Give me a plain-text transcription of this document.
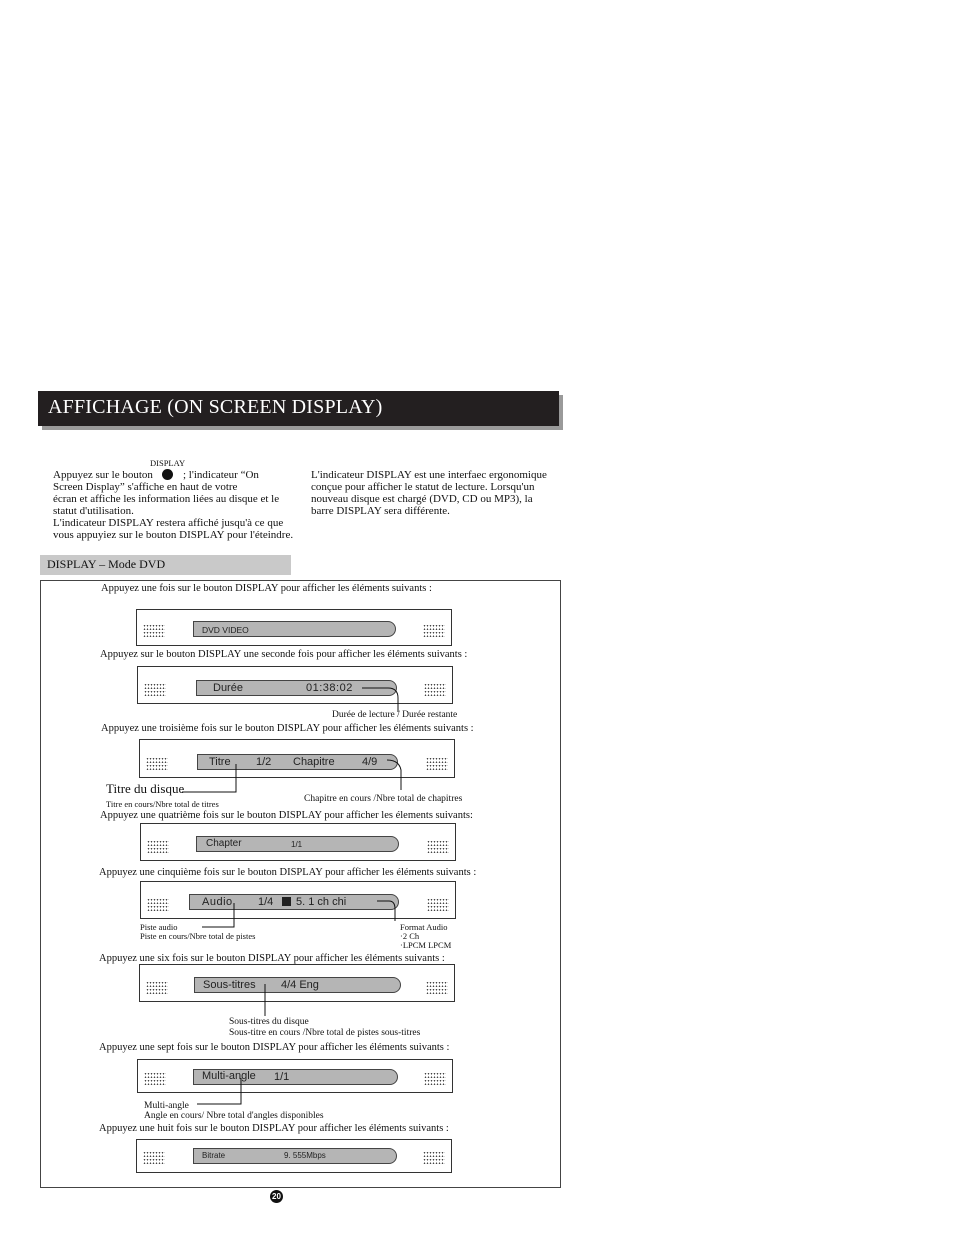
AFFICHAGE (ON SCREEN DISPLAY)
DISPLAY
Appuyez sur le bouton	; l'indicateur “On
Screen Display” s'affiche en haut de votre
écran et affiche les information liées au disque et le
statut d'utilisation.
L'indicateur DISPLAY restera affiché jusqu'à ce que
vous appuyiez sur le bouton DISPLAY pour l'éteindre.
L'indicateur DISPLAY est une interfaec ergonomique
conçue pour afficher le statut de lecture. Lorsqu'un
nouveau disque est chargé (DVD, CD ou MP3), la
barre DISPLAY sera différente.
DISPLAY – Mode DVD
Appuyez une fois sur le bouton DISPLAY pour afficher les éléments suivants :
DVD VIDEO
Appuyez sur le bouton DISPLAY une seconde fois pour afficher les éléments suivants :
Durée	01:38:02
Durée de lecture / Durée restante
Appuyez une troisième fois sur le bouton DISPLAY pour afficher les éléments suivants :
Titre 1/2 Chapitre 4/9
Titre du disque
Titre en cours/Nbre total de titres	Chapitre en cours /Nbre total de chapitres
Appuyez une quatrième fois sur le bouton DISPLAY pour afficher les élements suivants:
Chapter	1/1
Appuyez une cinquième fois sur le bouton DISPLAY pour afficher les éléments suivants :
Audio 1/4 5. 1 ch chi
Piste audio
Piste en cours/Nbre total de pistes
Format Audio
·2 Ch
·LPCM LPCM
Appuyez une six fois sur le bouton DISPLAY pour afficher les éléments suivants :
Sous-titres 4/4 Eng
Sous-titres du disque
Sous-titre en cours /Nbre total de pistes sous-titres
Appuyez une sept fois sur le bouton DISPLAY pour afficher les éléments suivants :
Multi-angle 1/1
Multi-angle
Angle en cours/ Nbre total d'angles disponibles
Appuyez une huit fois sur le bouton DISPLAY pour afficher les éléments suivants :
Bitrate	9. 555Mbps
20
